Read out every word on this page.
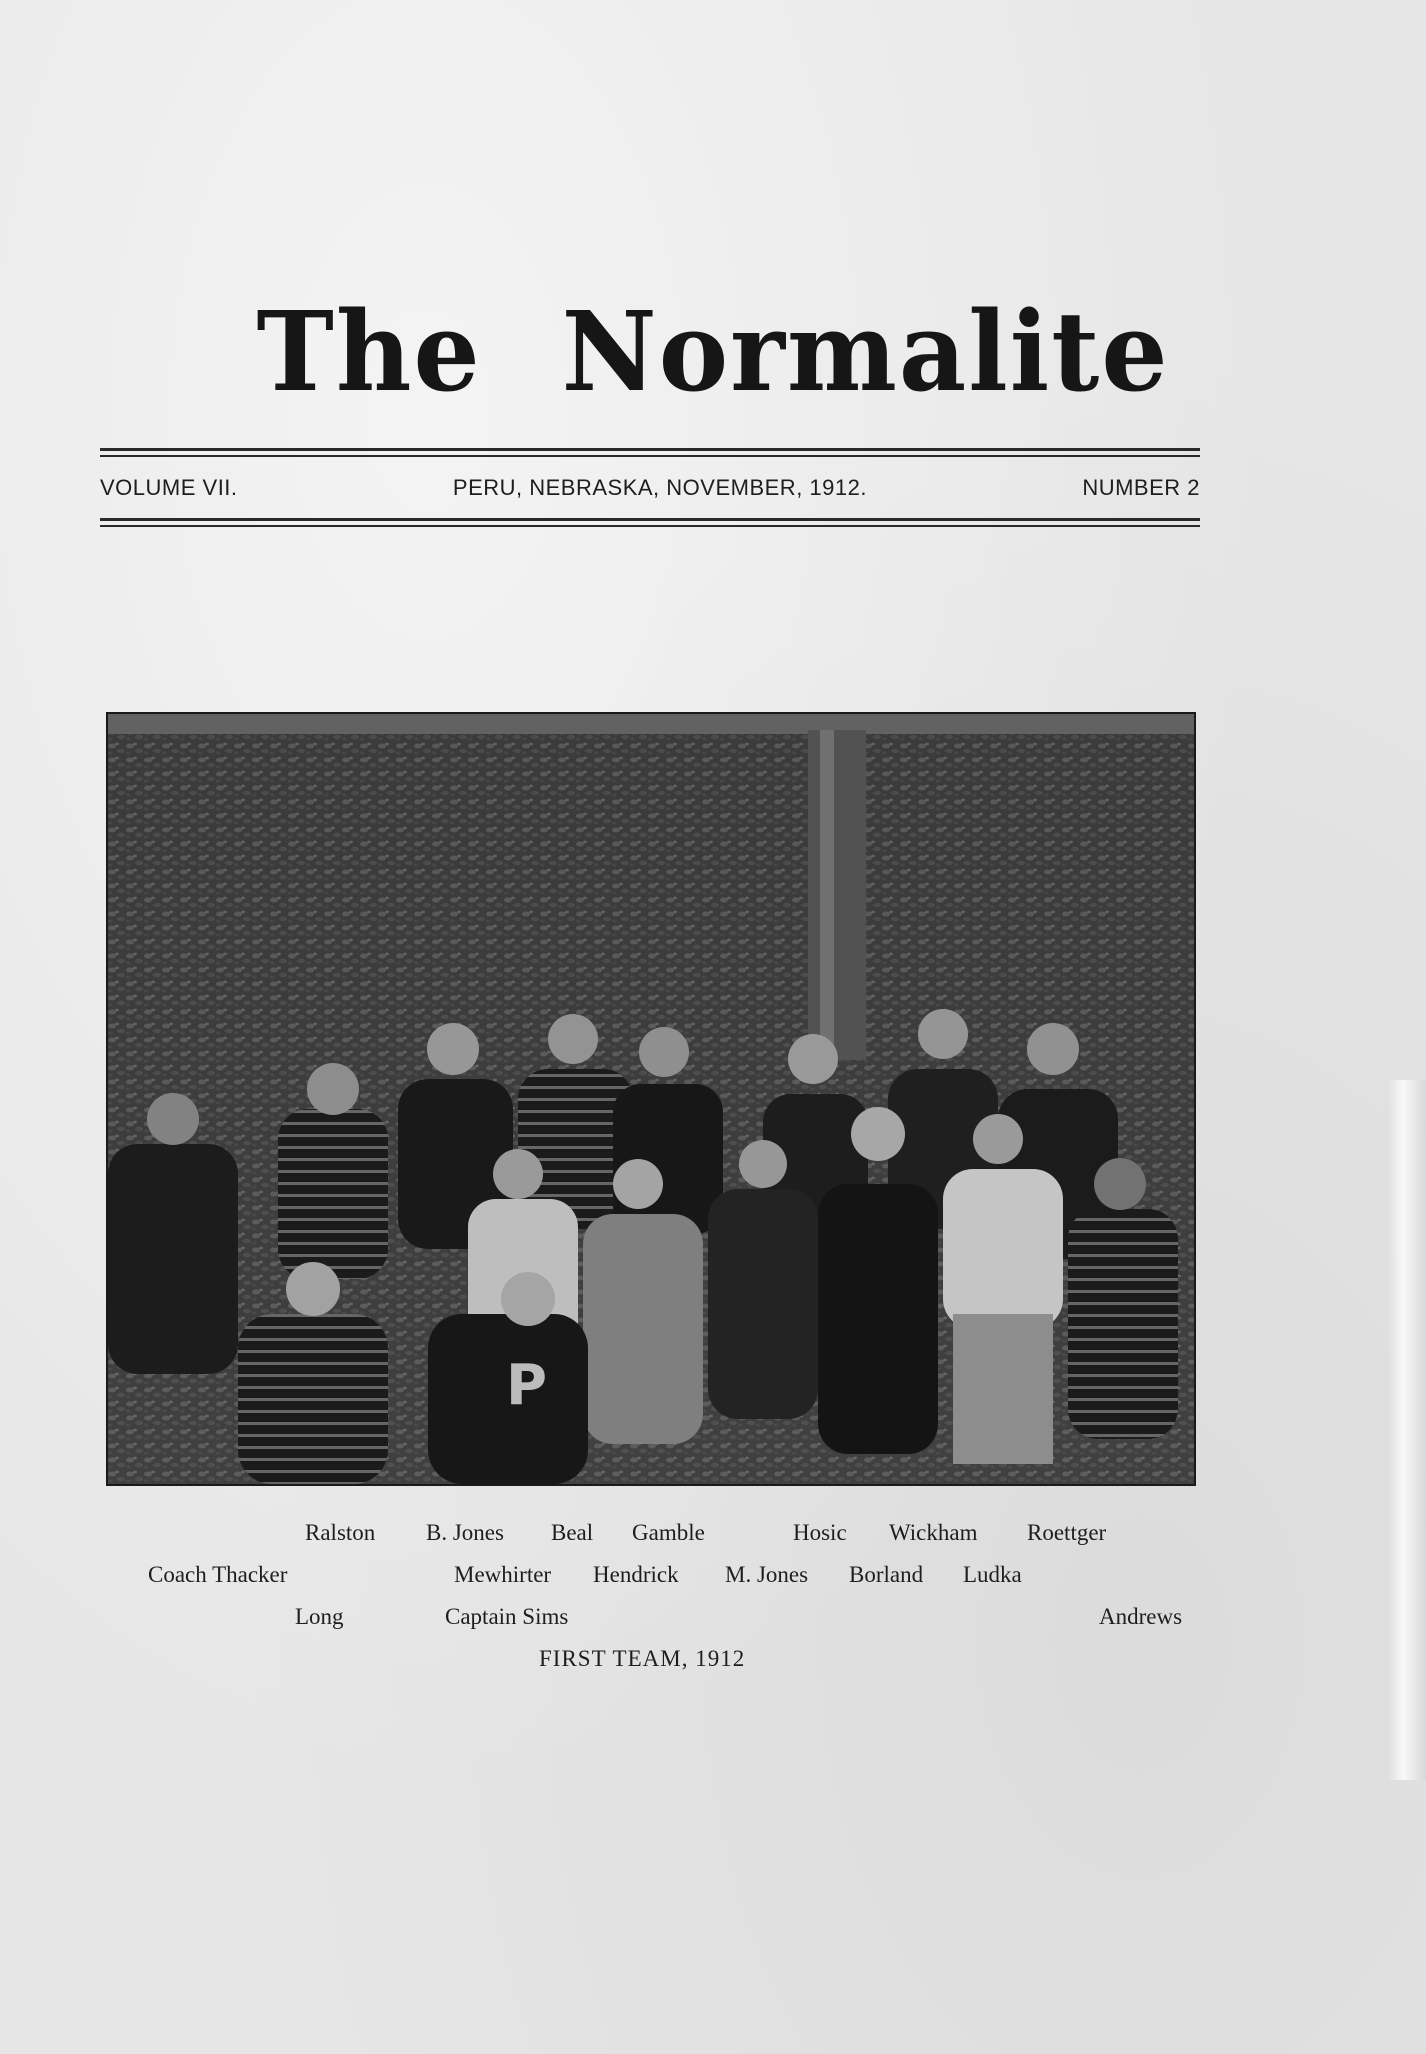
The Normalite
VOLUME VII.	PERU, NEBRASKA, NOVEMBER, 1912.	NUMBER 2
P
Ralston B. Jones Beal Gamble	Hosic Wickham Roettger
Coach Thacker	Mewhirter Hendrick M. Jones Borland Ludka
Long	Captain Sims	Andrews
FIRST TEAM, 1912
